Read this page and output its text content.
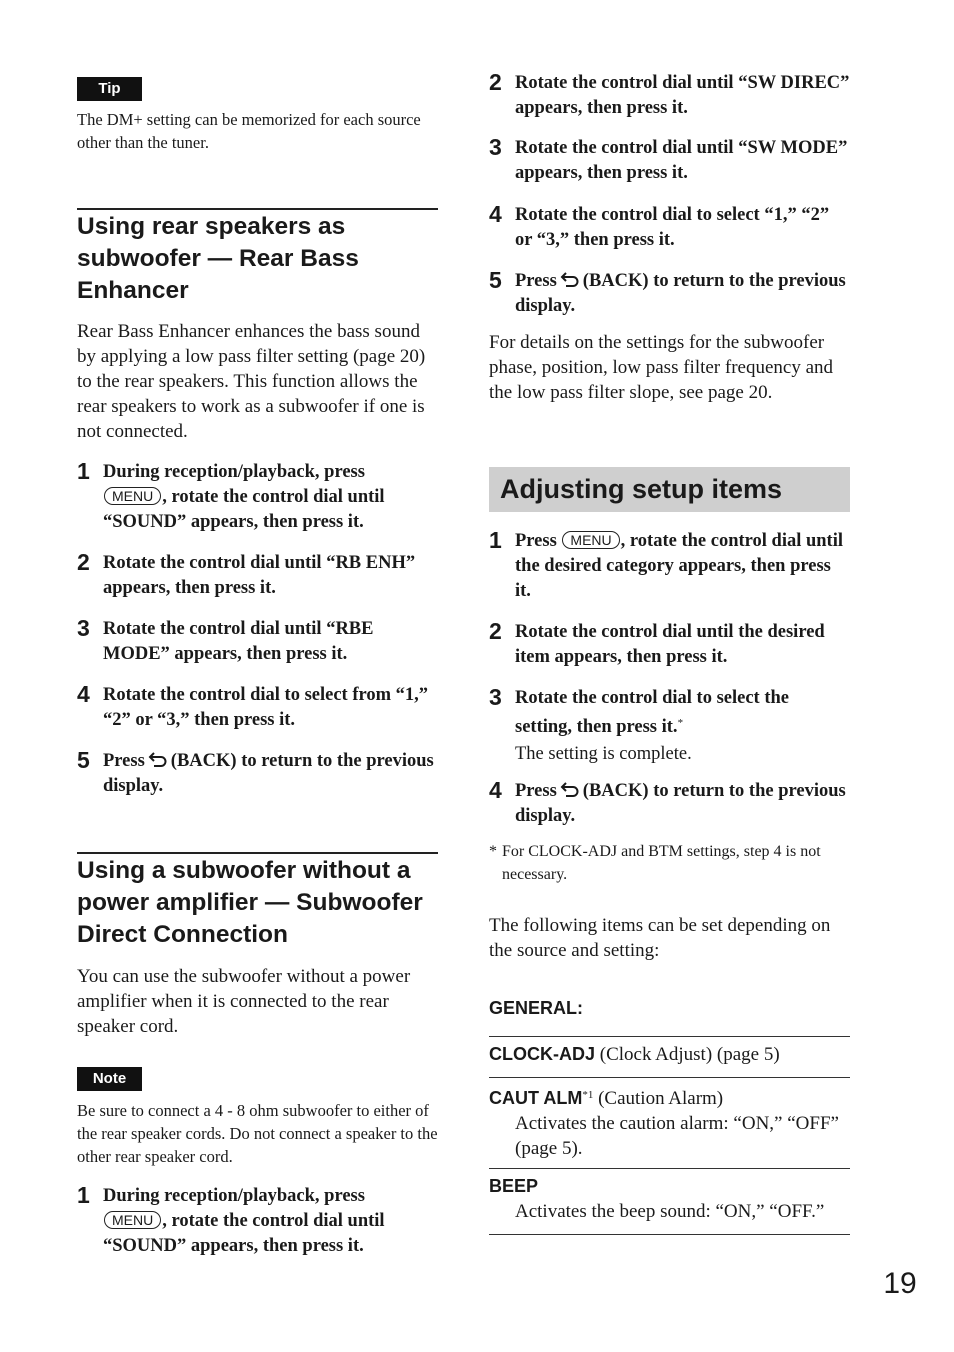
Tip
The DM+ setting can be memorized for each source other than the tuner.
Using rear speakers as subwoofer — Rear Bass Enhancer
Rear Bass Enhancer enhances the bass sound by applying a low pass filter setting (page 20) to the rear speakers. This function allows the rear speakers to work as a subwoofer if one is not connected.
1 During reception/playback, press
MENU , rotate the control dial until “SOUND” appears, then press it.
2 Rotate the control dial until “RB ENH” appears, then press it.
3 Rotate the control dial until “RBE MODE” appears, then press it.
4 Rotate the control dial to select from “1,” “2” or “3,” then press it.
5 Press (BACK) to return to the previous display.
Using a subwoofer without a power amplifier — Subwoofer Direct Connection
You can use the subwoofer without a power amplifier when it is connected to the rear speaker cord.
Note
Be sure to connect a 4 - 8 ohm subwoofer to either of the rear speaker cords. Do not connect a speaker to the other rear speaker cord.
1 During reception/playback, press
MENU , rotate the control dial until “SOUND” appears, then press it.
2 Rotate the control dial until “SW DIREC” appears, then press it.
3 Rotate the control dial until “SW MODE” appears, then press it.
4 Rotate the control dial to select “1,” “2” or “3,” then press it.
5 Press (BACK) to return to the previous display.
For details on the settings for the subwoofer phase, position, low pass filter frequency and the low pass filter slope, see page 20.
Adjusting setup items
1 Press MENU , rotate the control dial until the desired category appears, then press it.
2 Rotate the control dial until the desired item appears, then press it.
3 Rotate the control dial to select the setting, then press it.*
The setting is complete.
4 Press (BACK) to return to the previous display.
* For CLOCK-ADJ and BTM settings, step 4 is not necessary.
The following items can be set depending on the source and setting:
GENERAL:
CLOCK-ADJ (Clock Adjust) (page 5)
CAUT ALM$^{*1}$ (Caution Alarm)
Activates the caution alarm: “ON,” “OFF” (page 5).
BEEP
Activates the beep sound: “ON,” “OFF.”
19
